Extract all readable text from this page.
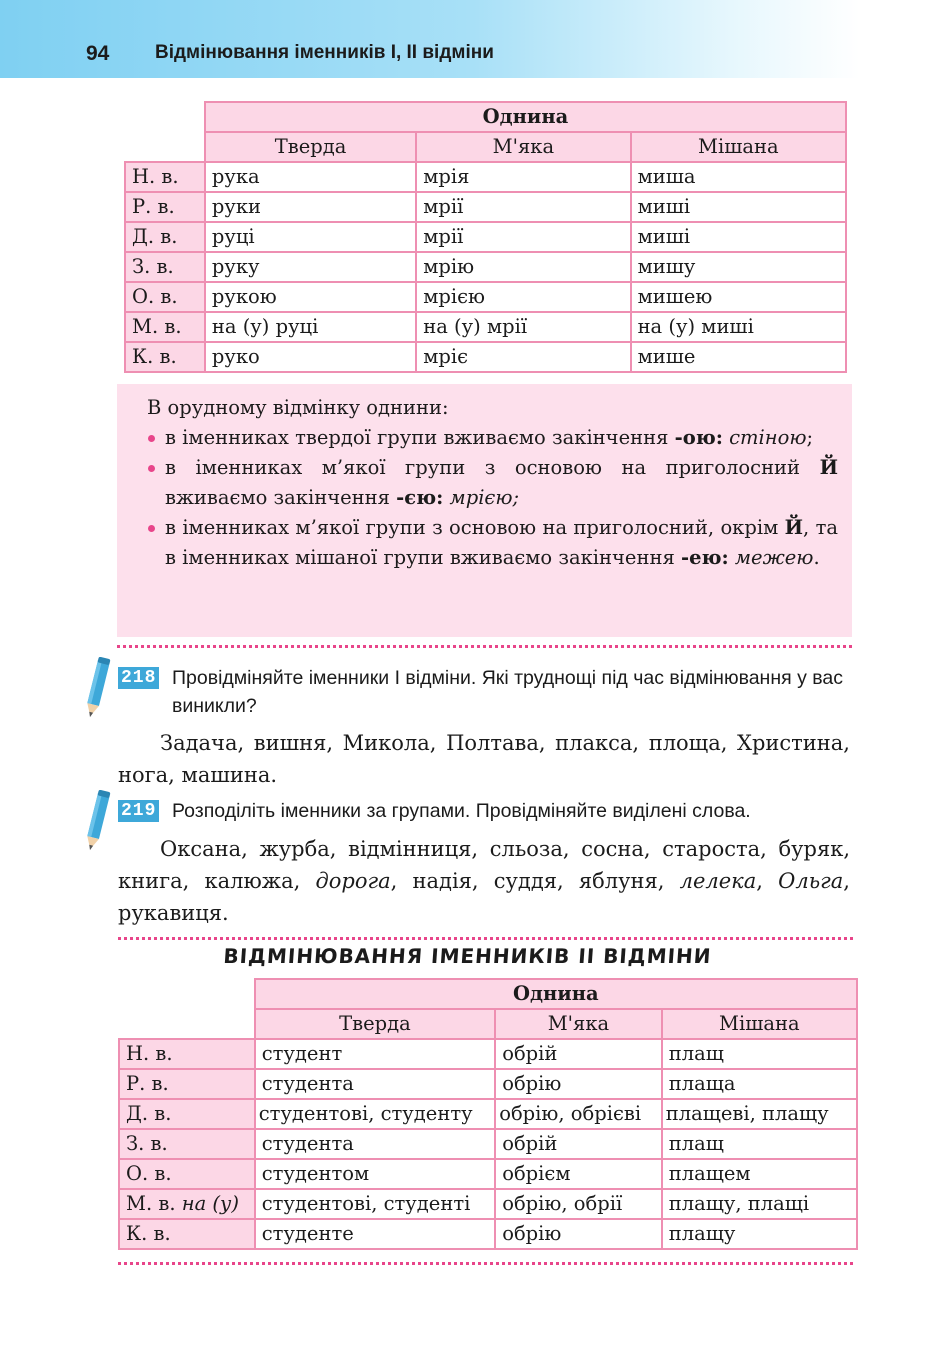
94 Відмінювання іменників І, ІІ відміни
	Однина		
	Тверда	М'яка	Мішана
Н. в.	рука	мрія	миша
Р. в.	руки	мрії	миші
Д. в.	руці	мрії	миші
З. в.	руку	мрію	мишу
О. в.	рукою	мрією	мишею
М. в.	на (у) руці	на (у) мрії	на (у) миші
К. в.	руко	мріє	мише
В орудному відмінку однини:
в іменниках твердої групи вживаємо закінчення -ою: стіною;
в іменниках м’якої групи з основою на приголосний Й вживаємо закінчення -єю: мрією;
в іменниках м’якої групи з основою на приголосний, окрім Й, та в іменниках мішаної групи вживаємо закінчення -ею: межею.
218 Провідміняйте іменники І відміни. Які труднощі під час відмінювання у вас виникли?
Задача, вишня, Микола, Полтава, плакса, площа, Христина, нога, машина.
219 Розподіліть іменники за групами. Провідміняйте виділені слова.
Оксана, журба, відмінниця, сльоза, сосна, староста, буряк, книга, калюжа, дорога, надія, суддя, яблуня, лелека, Ольга, рукавиця.
ВІДМІНЮВАННЯ ІМЕННИКІВ ІІ ВІДМІНИ
	Однина		
	Тверда	М'яка	Мішана
Н. в.	студент	обрій	плащ
Р. в.	студента	обрію	плаща
Д. в.	студентові, студенту	обрію, обрієві	плащеві, плащу
З. в.	студента	обрій	плащ
О. в.	студентом	обрієм	плащем
М. в. на (у)	студентові, студенті	обрію, обрії	плащу, плащі
К. в.	студенте	обрію	плащу
